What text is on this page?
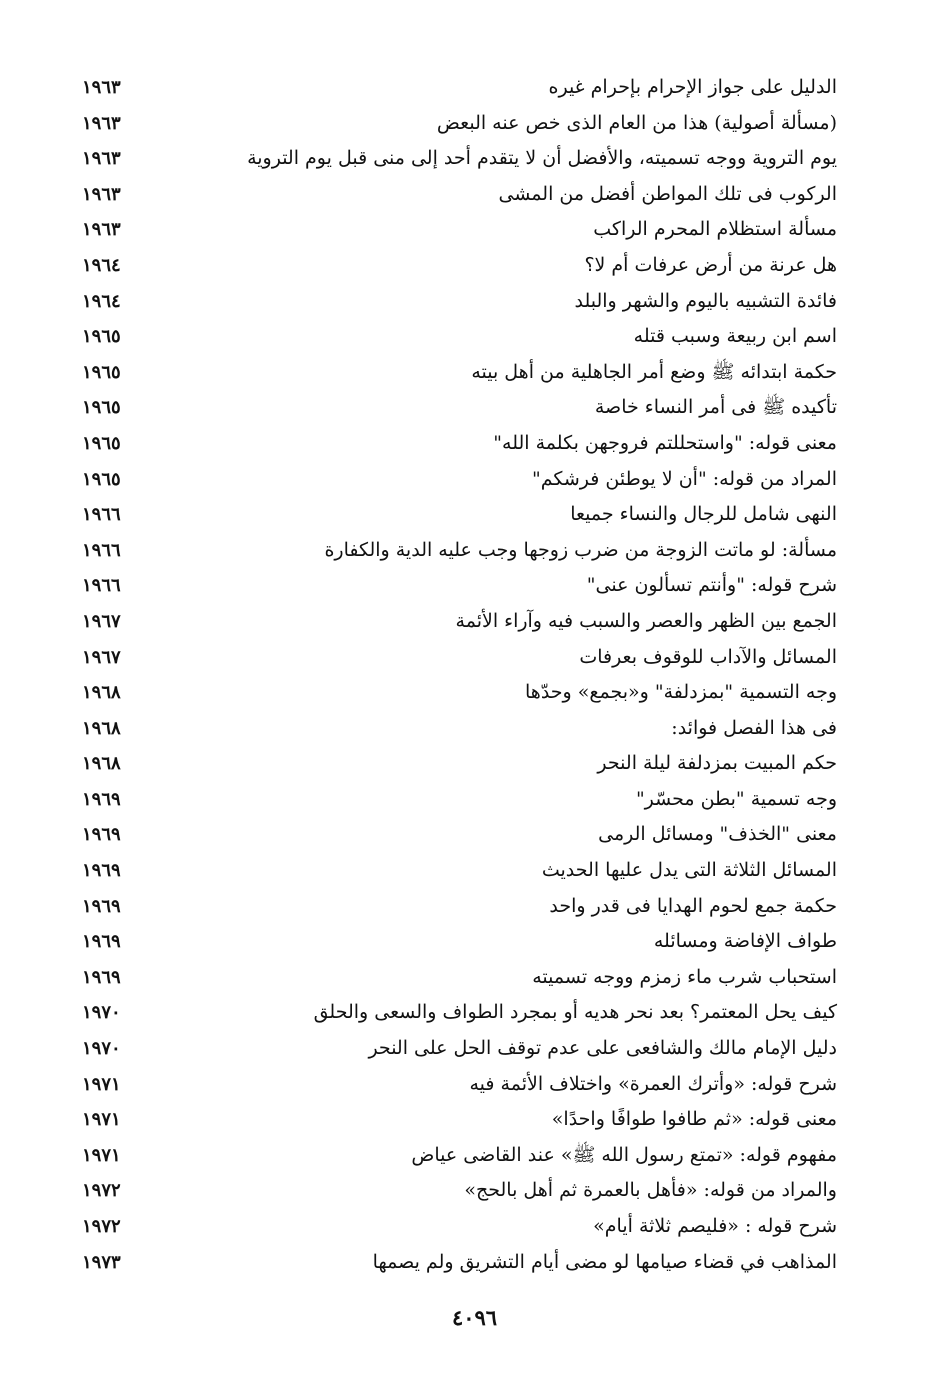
الدليل على جواز الإحرام بإحرام غيره
١٩٦٣
(مسألة أصولية) هذا من العام الذى خص عنه البعض
١٩٦٣
يوم التروية ووجه تسميته، والأفضل أن لا يتقدم أحد إلى منى قبل يوم التروية
١٩٦٣
الركوب فى تلك المواطن أفضل من المشى
١٩٦٣
مسألة استظلام المحرم الراكب
١٩٦٣
هل عرنة من أرض عرفات أم لا؟
١٩٦٤
فائدة التشبيه باليوم والشهر والبلد
١٩٦٤
اسم ابن ربيعة وسبب قتله
١٩٦٥
حكمة ابتدائه ﷺ وضع أمر الجاهلية من أهل بيته
١٩٦٥
تأكيده ﷺ فى أمر النساء خاصة
١٩٦٥
معنى قوله: "واستحللتم فروجهن بكلمة الله"
١٩٦٥
المراد من قوله: "أن لا يوطئن فرشكم"
١٩٦٥
النهى شامل للرجال والنساء جميعا
١٩٦٦
مسألة: لو ماتت الزوجة من ضرب زوجها وجب عليه الدية والكفارة
١٩٦٦
شرح قوله: "وأنتم تسألون عنى"
١٩٦٦
الجمع بين الظهر والعصر والسبب فيه وآراء الأئمة
١٩٦٧
المسائل والآداب للوقوف بعرفات
١٩٦٧
وجه التسمية "بمزدلفة" و«بجمع» وحدّها
١٩٦٨
فى هذا الفصل فوائد:
١٩٦٨
حكم المبيت بمزدلفة ليلة النحر
١٩٦٨
وجه تسمية "بطن محسّر"
١٩٦٩
معنى "الخذف" ومسائل الرمى
١٩٦٩
المسائل الثلاثة التى يدل عليها الحديث
١٩٦٩
حكمة جمع لحوم الهدايا فى قدر واحد
١٩٦٩
طواف الإفاضة ومسائله
١٩٦٩
استحباب شرب ماء زمزم ووجه تسميته
١٩٦٩
كيف يحل المعتمر؟ بعد نحر هديه أو بمجرد الطواف والسعى والحلق
١٩٧٠
دليل الإمام مالك والشافعى على عدم توقف الحل على النحر
١٩٧٠
شرح قوله: «وأترك العمرة» واختلاف الأئمة فيه
١٩٧١
معنى قوله: «ثم طافوا طوافًا واحدًا»
١٩٧١
مفهوم قوله: «تمتع رسول الله ﷺ» عند القاضى عياض
١٩٧١
والمراد من قوله: «فأهل بالعمرة ثم أهل بالحج»
١٩٧٢
شرح قوله : «فليصم ثلاثة أيام»
١٩٧٢
المذاهب في قضاء صيامها لو مضى أيام التشريق ولم يصمها
١٩٧٣
٤٠٩٦
